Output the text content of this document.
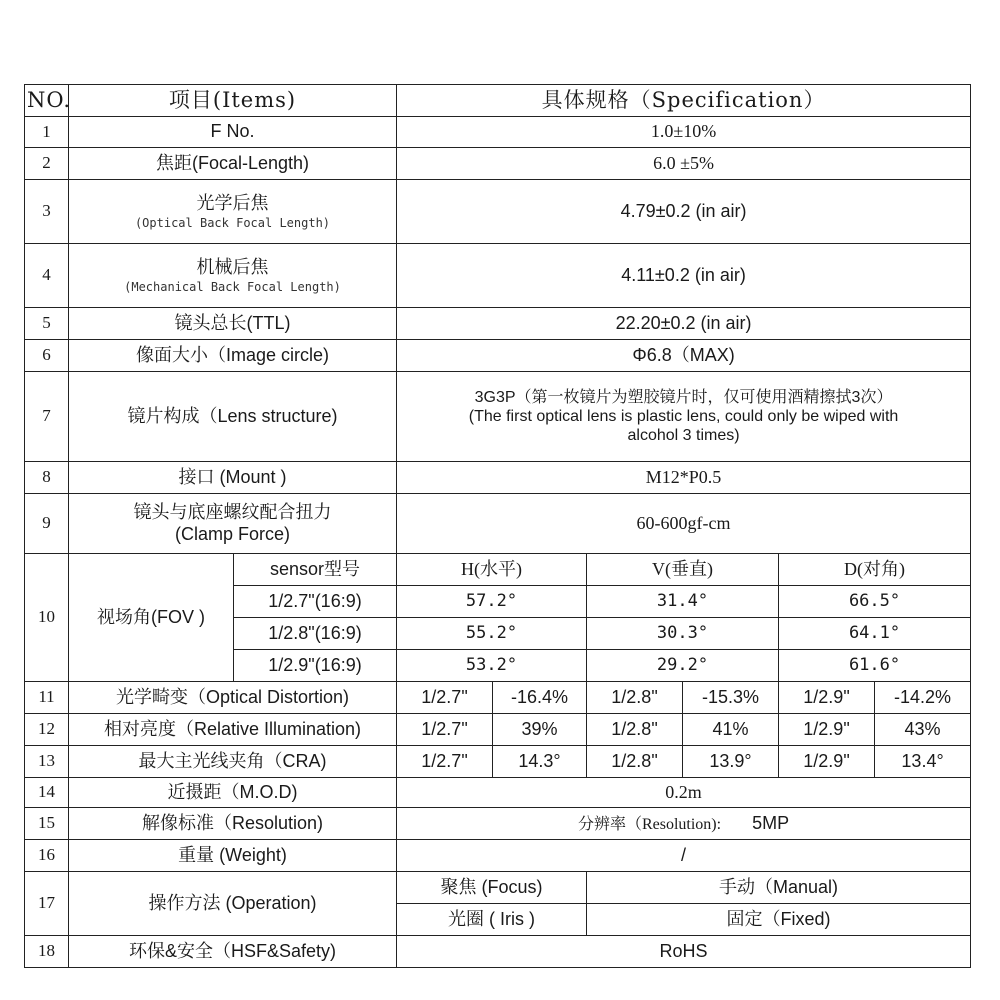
NO.	项目(Items)		具体规格（Specification）					
1	F No.		1.0±10%					
2	焦距(Focal-Length)		6.0 ±5%					
3	光学后焦
(Optical Back Focal Length)		4.79±0.2 (in air)					
4	机械后焦
(Mechanical Back Focal Length)		4.11±0.2 (in air)					
5	镜头总长(TTL)		22.20±0.2 (in air)					
6	像面大小（Image circle)		Φ6.8（MAX)					
7	镜片构成（Lens structure)		3G3P（第一枚镜片为塑胶镜片时，仅可使用酒精擦拭3次）
(The first optical lens is plastic lens, could only be wiped with
alcohol 3 times)					

8	接口 (Mount )		M12*P0.5					
9	镜头与底座螺纹配合扭力
(Clamp Force)		60-600gf-cm					
10	视场角(FOV )	sensor型号	H(水平)		V(垂直)		D(对角)	
		1/2.7"(16:9)	57.2°		31.4°		66.5°	
		1/2.8"(16:9)	55.2°		30.3°		64.1°	
		1/2.9"(16:9)	53.2°		29.2°		61.6°	
11	光学畸变（Optical Distortion)		1/2.7"	-16.4%	1/2.8"	-15.3%	1/2.9"	-14.2%
12	相对亮度（Relative Illumination)		1/2.7"	39%	1/2.8"	41%	1/2.9"	43%
13	最大主光线夹角（CRA)		1/2.7"	14.3°	1/2.8"	13.9°	1/2.9"	13.4°
14	近摄距（M.O.D)		0.2m					
15	解像标准（Resolution)		分辨率（Resolution): 5MP					
16	重量 (Weight)		/					
17	操作方法 (Operation)		聚焦 (Focus)		手动（Manual)			
			光圈 ( Iris )		固定（Fixed)			
18	环保&安全（HSF&Safety)		RoHS					
